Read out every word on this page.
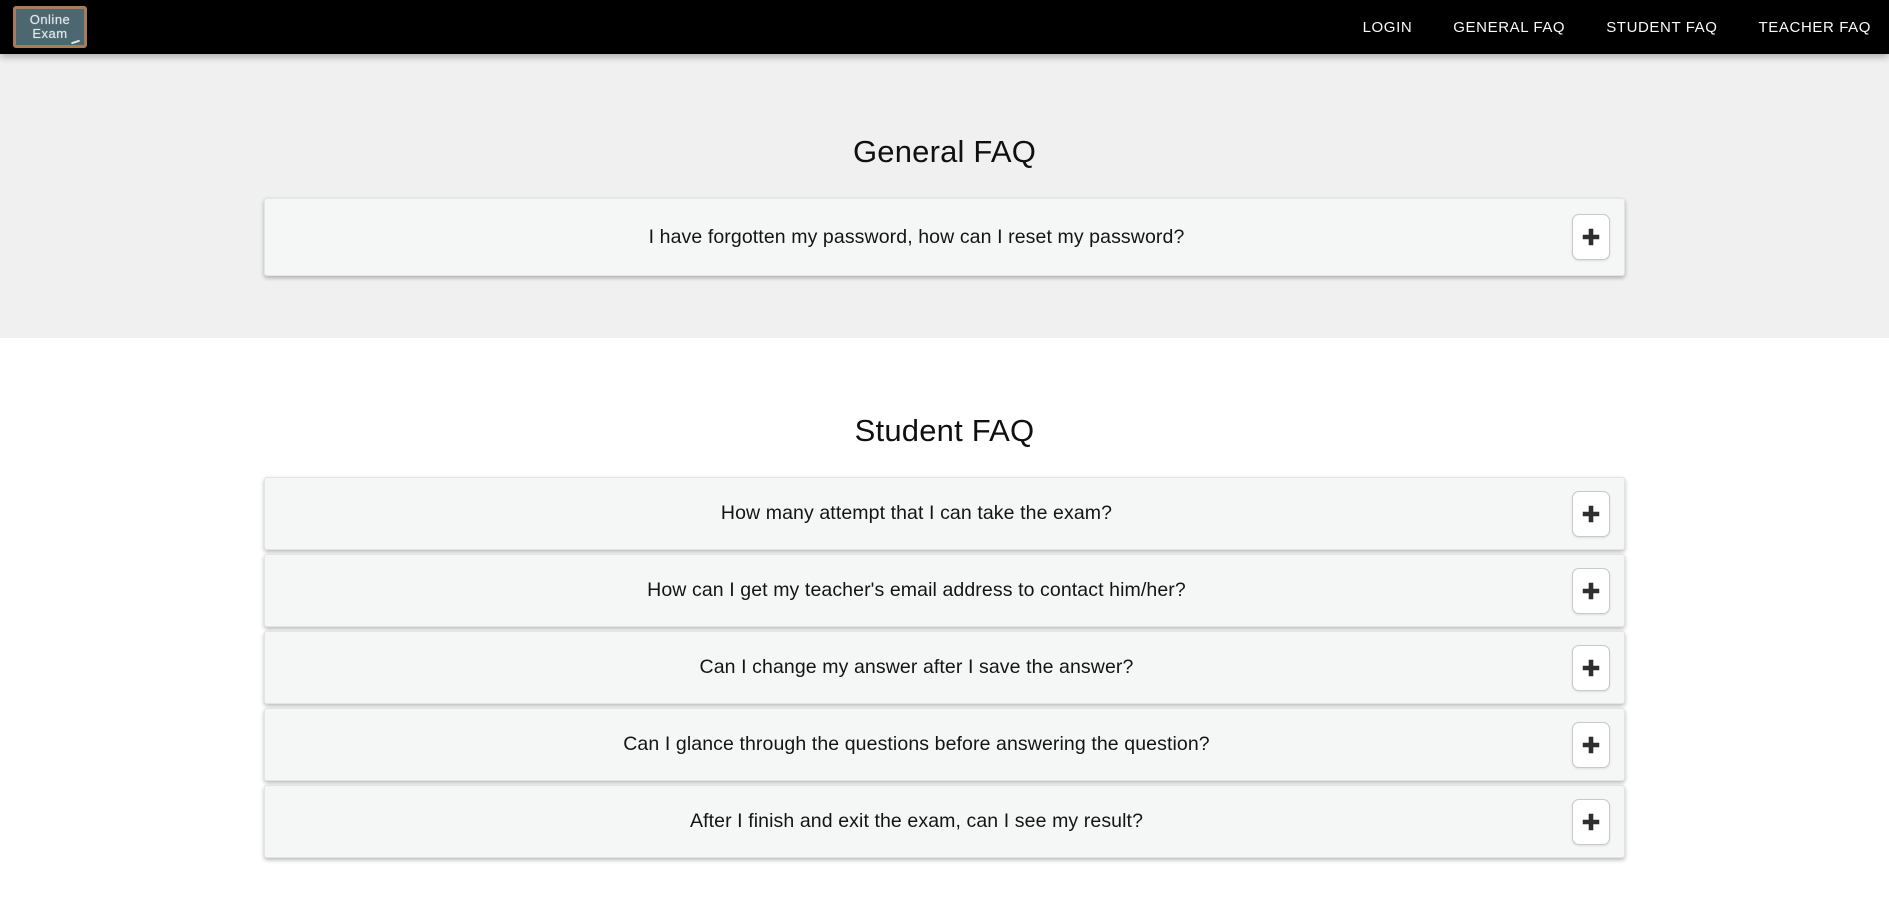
Online
Exam	LOGIN	GENERAL FAQ	STUDENT FAQ	TEACHER FAQ
General FAQ
I have forgotten my password, how can I reset my password?
Student FAQ
How many attempt that I can take the exam?
How can I get my teacher's email address to contact him/her?
Can I change my answer after I save the answer?
Can I glance through the questions before answering the question?
After I finish and exit the exam, can I see my result?
